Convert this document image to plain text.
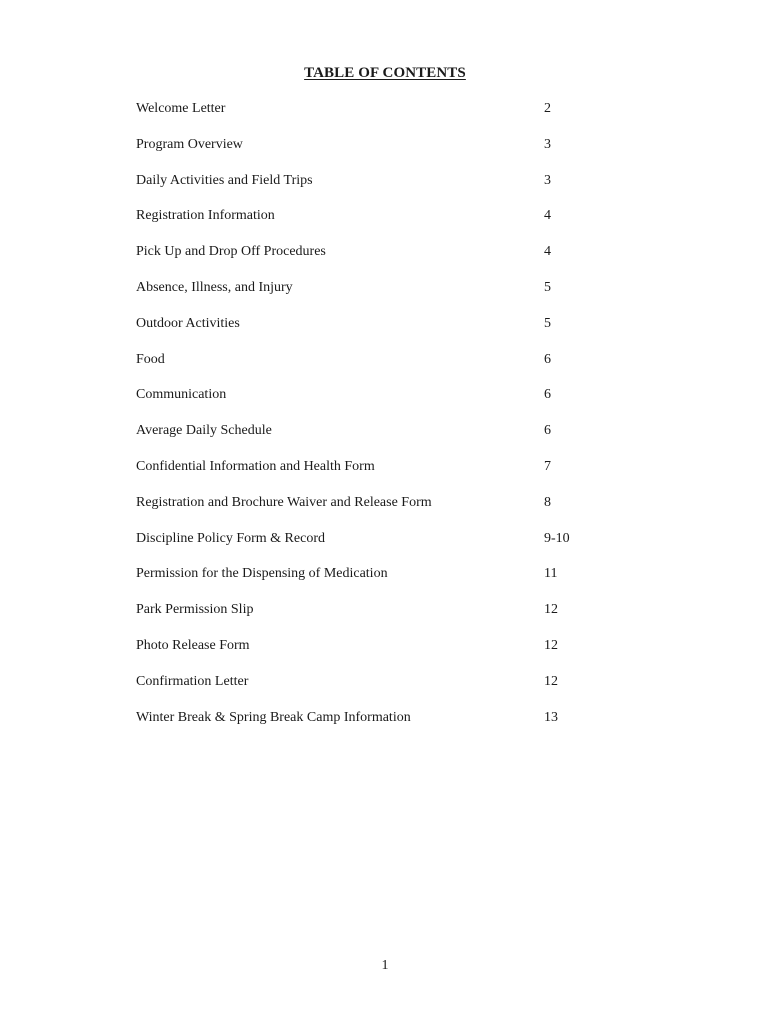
TABLE OF CONTENTS
Welcome Letter	2
Program Overview	3
Daily Activities and Field Trips	3
Registration Information	4
Pick Up and Drop Off Procedures	4
Absence, Illness, and Injury	5
Outdoor Activities	5
Food	6
Communication	6
Average Daily Schedule	6
Confidential Information and Health Form	7
Registration and Brochure Waiver and Release Form	8
Discipline Policy Form & Record	9-10
Permission for the Dispensing of Medication	11
Park Permission Slip	12
Photo Release Form	12
Confirmation Letter	12
Winter Break & Spring Break Camp Information	13
1
